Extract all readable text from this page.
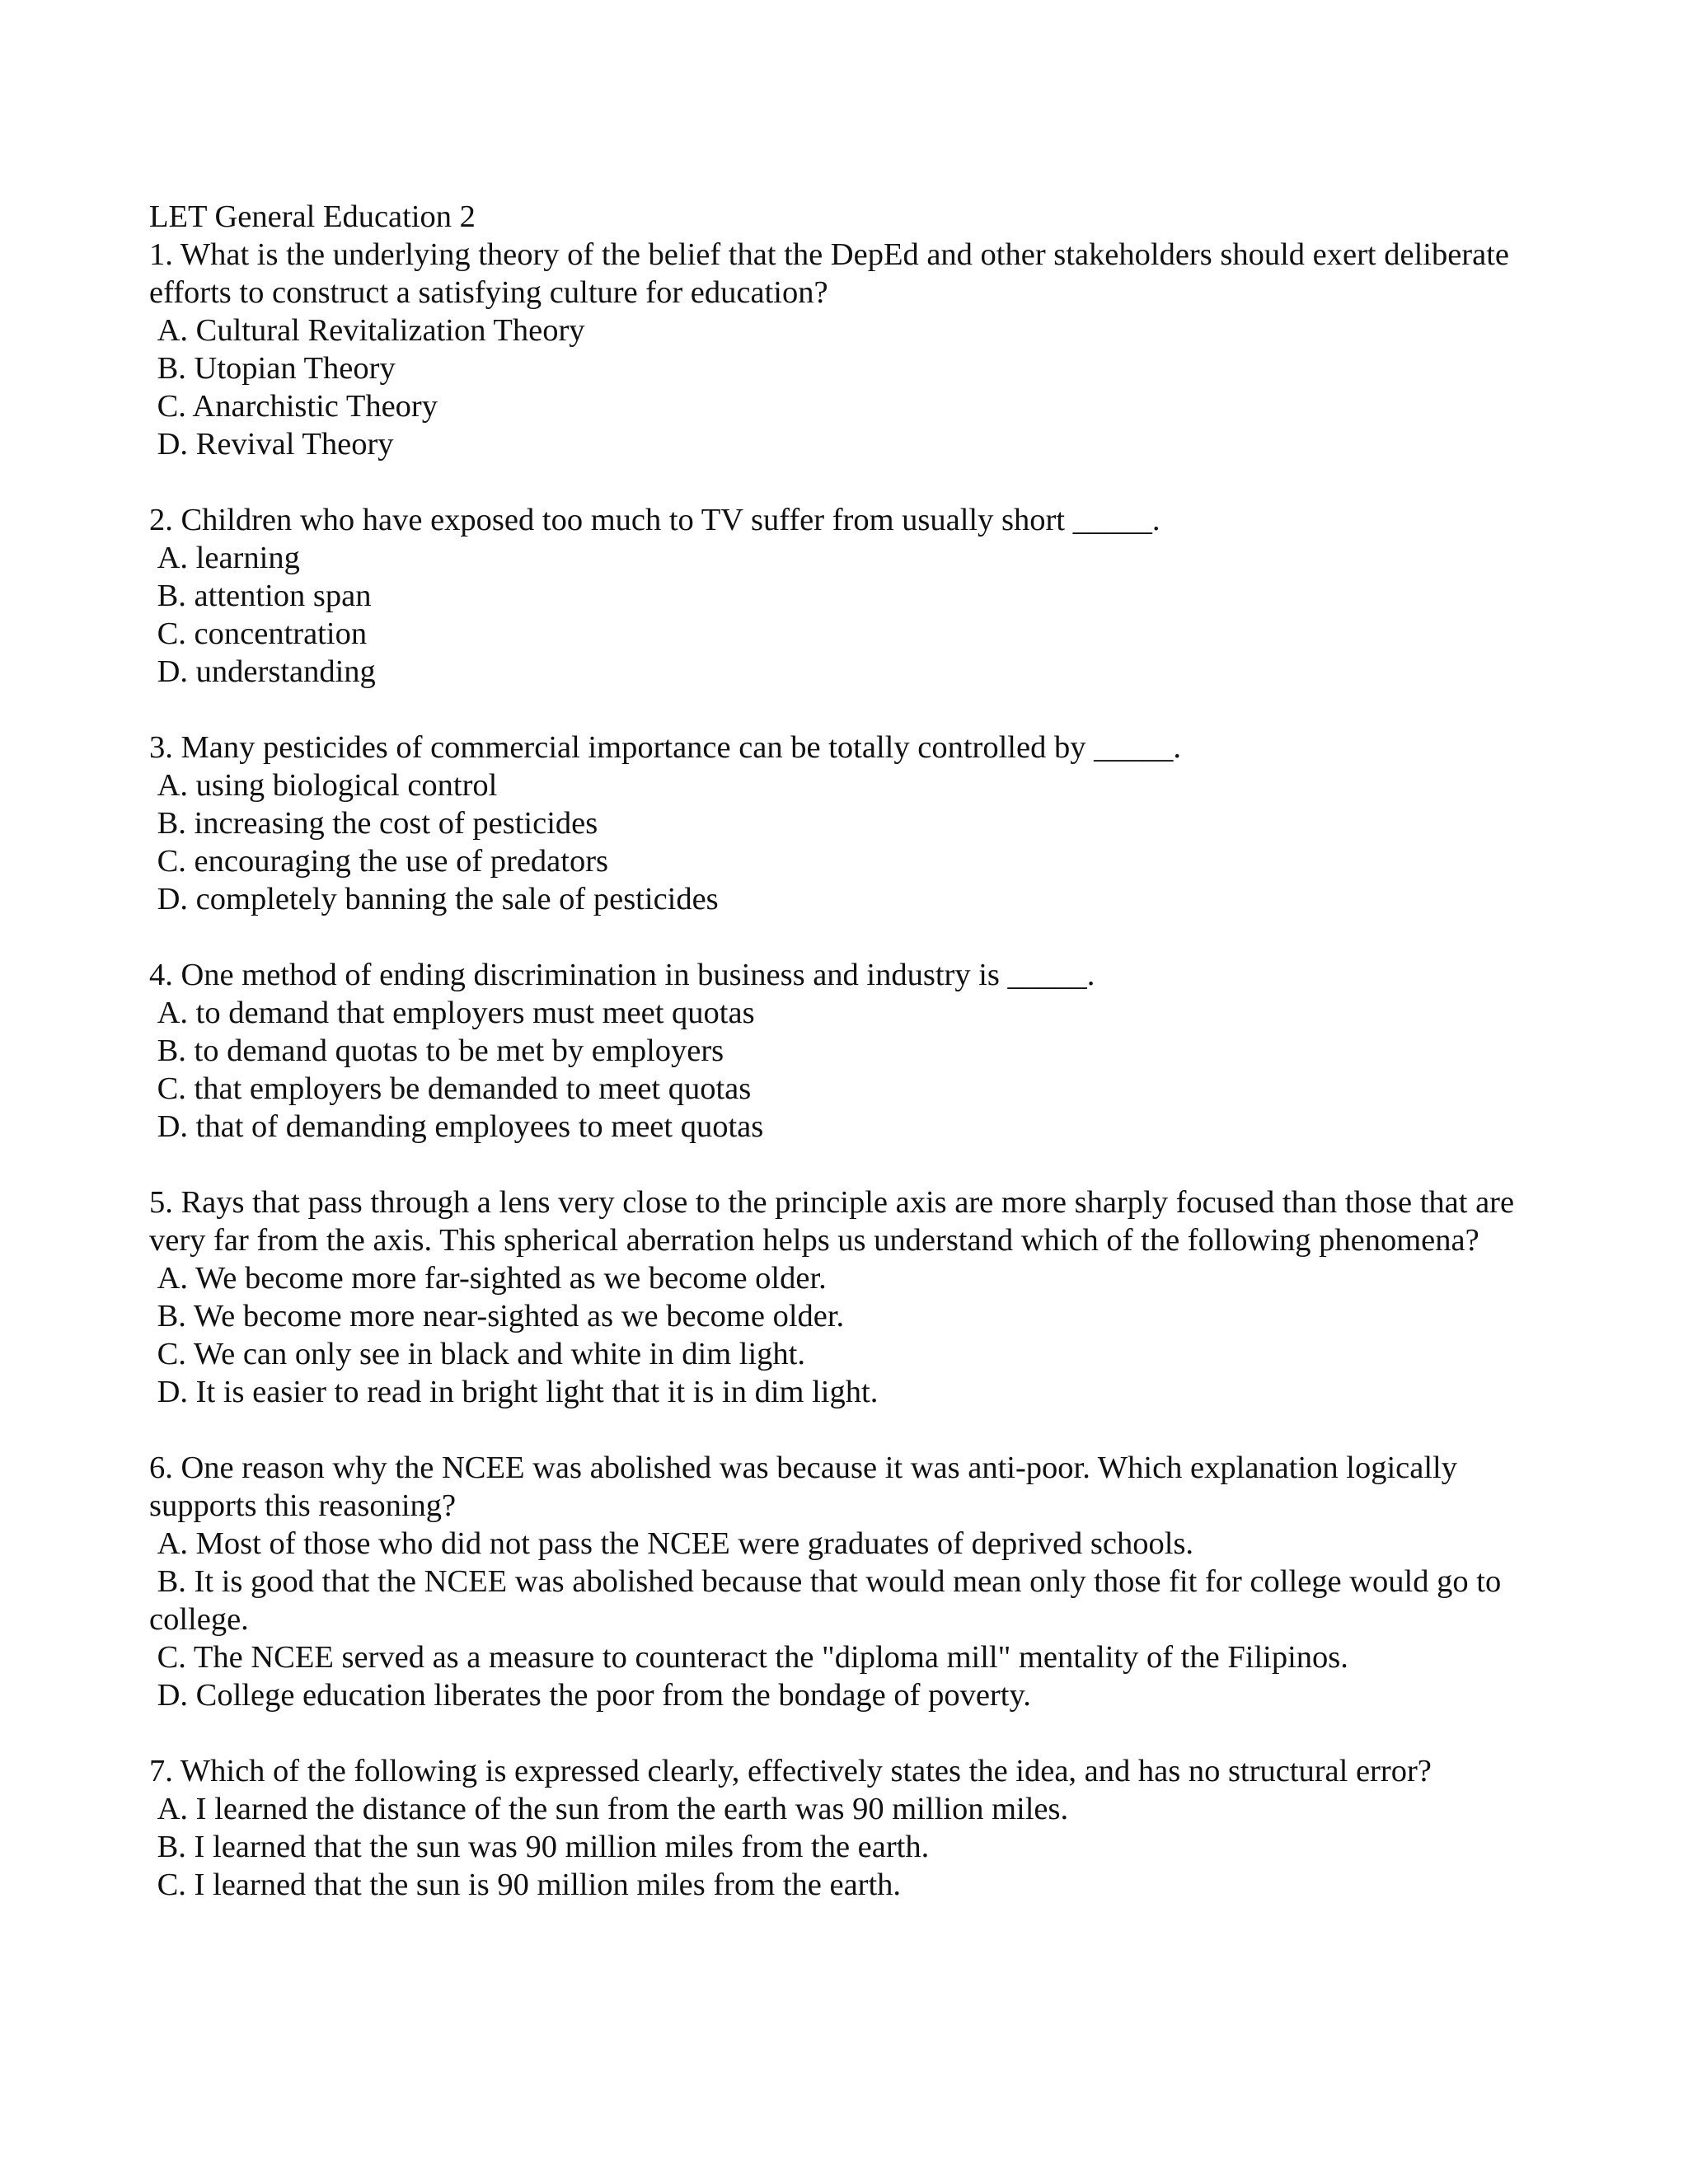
LET General Education 2

1. What is the underlying theory of the belief that the DepEd and other stakeholders should exert deliberate efforts to construct a satisfying culture for education?

A. Cultural Revitalization Theory
B. Utopian Theory
C. Anarchistic Theory
D. Revival Theory

2. Children who have exposed too much to TV suffer from usually short _____.

A. learning
B. attention span
C. concentration
D. understanding

3. Many pesticides of commercial importance can be totally controlled by _____.

A. using biological control
B. increasing the cost of pesticides
C. encouraging the use of predators
D. completely banning the sale of pesticides

4. One method of ending discrimination in business and industry is _____.

A. to demand that employers must meet quotas
B. to demand quotas to be met by employers
C. that employers be demanded to meet quotas
D. that of demanding employees to meet quotas

5. Rays that pass through a lens very close to the principle axis are more sharply focused than those that are very far from the axis. This spherical aberration helps us understand which of the following phenomena?

A. We become more far-sighted as we become older.
B. We become more near-sighted as we become older.
C. We can only see in black and white in dim light.
D. It is easier to read in bright light that it is in dim light.

6. One reason why the NCEE was abolished was because it was anti-poor. Which explanation logically supports this reasoning?

A. Most of those who did not pass the NCEE were graduates of deprived schools.
B. It is good that the NCEE was abolished because that would mean only those fit for college would go to college.
C. The NCEE served as a measure to counteract the "diploma mill" mentality of the Filipinos.
D. College education liberates the poor from the bondage of poverty.

7. Which of the following is expressed clearly, effectively states the idea, and has no structural error?

A. I learned the distance of the sun from the earth was 90 million miles.
B. I learned that the sun was 90 million miles from the earth.
C. I learned that the sun is 90 million miles from the earth.
